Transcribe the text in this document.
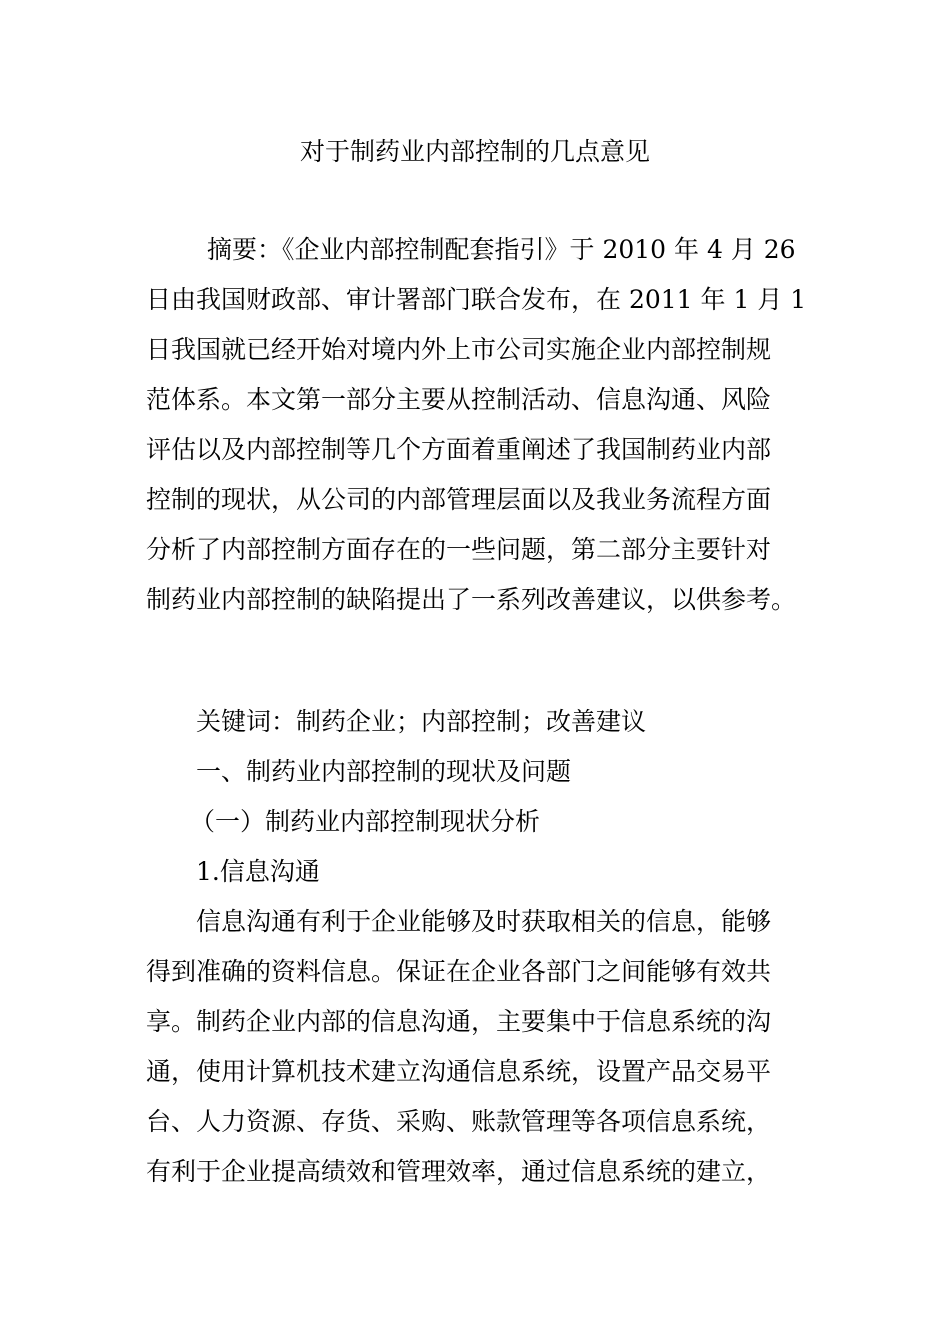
对于制药业内部控制的几点意见

摘要：《企业内部控制配套指引》于 2010 年 4 月 26

日由我国财政部、审计署部门联合发布，在 2011 年 1 月 1

日我国就已经开始对境内外上市公司实施企业内部控制规

范体系。本文第一部分主要从控制活动、信息沟通、风险

评估以及内部控制等几个方面着重阐述了我国制药业内部

控制的现状，从公司的内部管理层面以及我业务流程方面

分析了内部控制方面存在的一些问题，第二部分主要针对

制药业内部控制的缺陷提出了一系列改善建议，以供参考。

关键词：制药企业；内部控制；改善建议

一、制药业内部控制的现状及问题

（一）制药业内部控制现状分析

1.信息沟通

信息沟通有利于企业能够及时获取相关的信息，能够

得到准确的资料信息。保证在企业各部门之间能够有效共

享。制药企业内部的信息沟通，主要集中于信息系统的沟

通，使用计算机技术建立沟通信息系统，设置产品交易平

台、人力资源、存货、采购、账款管理等各项信息系统，

有利于企业提高绩效和管理效率，通过信息系统的建立，
